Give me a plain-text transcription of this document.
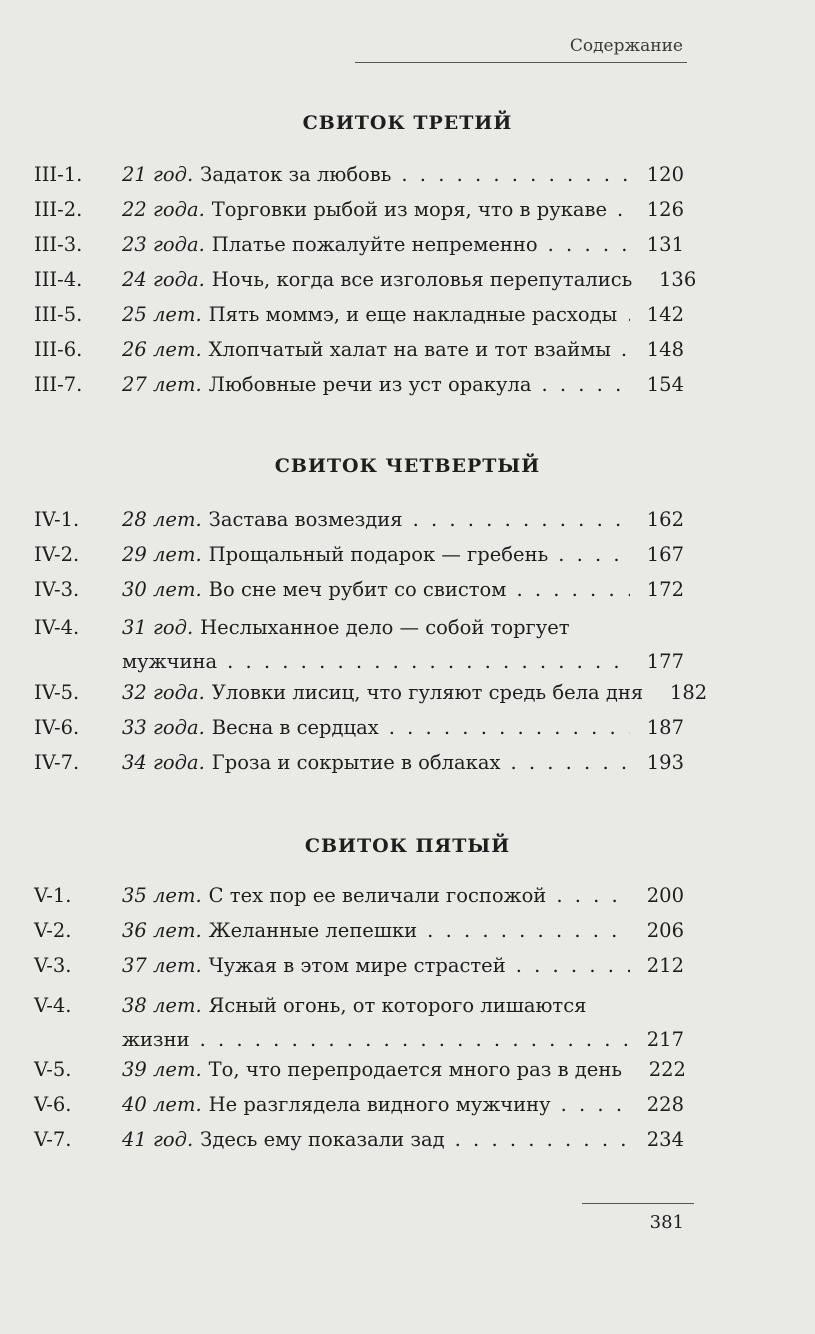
Содержание
СВИТОК ТРЕТИЙ
III-1. 21 год. Задаток за любовь . . .	120
III-2. 22 года. Торговки рыбой из моря, что в рукаве . . .	126
III-3. 23 года. Платье пожалуйте непременно . . .	131
III-4. 24 года. Ночь, когда все изголовья перепутались	136
III-5. 25 лет. Пять моммэ, и еще накладные расходы . . .	142
III-6. 26 лет. Хлопчатый халат на вате и тот взаймы . . .	148
III-7. 27 лет. Любовные речи из уст оракула . . .	154
СВИТОК ЧЕТВЕРТЫЙ
IV-1. 28 лет. Застава возмездия . . .	162
IV-2. 29 лет. Прощальный подарок — гребень . . .	167
IV-3. 30 лет. Во сне меч рубит со свистом . . .	172
IV-4. 31 год. Неслыханное дело — собой торгует
мужчина . . .	177
IV-5. 32 года. Уловки лисиц, что гуляют средь бела дня	182
IV-6. 33 года. Весна в сердцах . . .	187
IV-7. 34 года. Гроза и сокрытие в облаках . . .	193
СВИТОК ПЯТЫЙ
V-1.	35 лет. С тех пор ее величали госпожой . . .	200
V-2.	36 лет. Желанные лепешки . . .	206
V-3.	37 лет. Чужая в этом мире страстей . . .	212
V-4.	38 лет. Ясный огонь, от которого лишаются
жизни . . .	217
V-5.	39 лет. То, что перепродается много раз в день	222
V-6.	40 лет. Не разглядела видного мужчину . . .	228
V-7.	41 год. Здесь ему показали зад . . .	234
381
